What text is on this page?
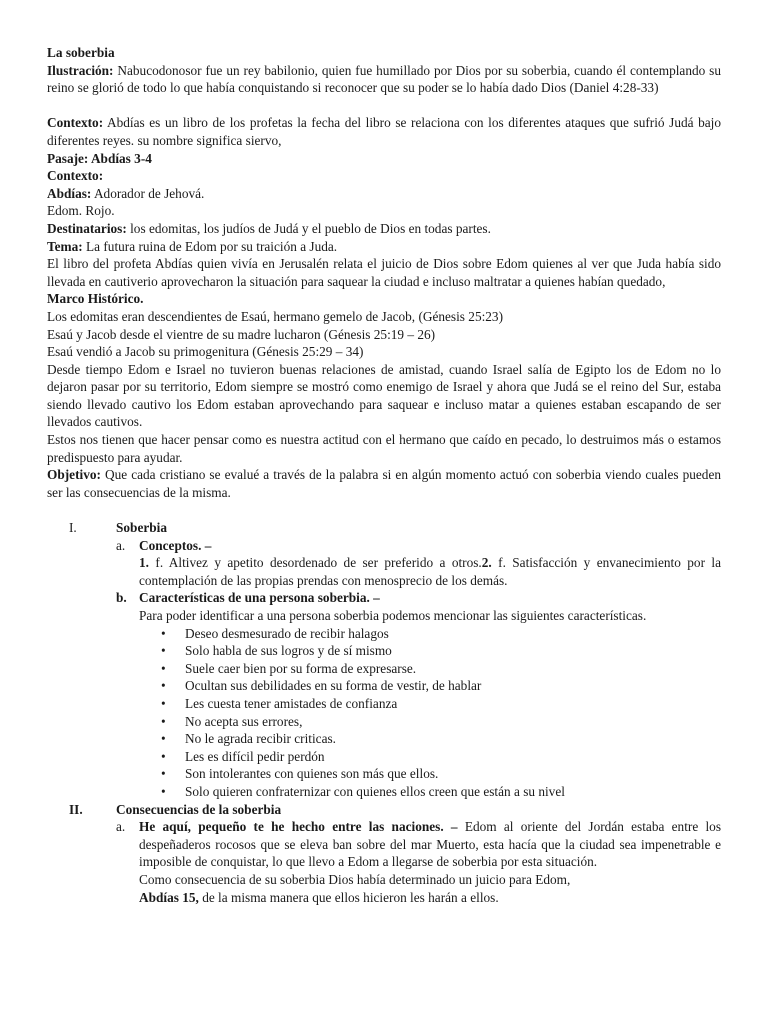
La soberbia

Ilustración: Nabucodonosor fue un rey babilonio, quien fue humillado por Dios por su soberbia, cuando él contemplando su reino se glorió de todo lo que había conquistando si reconocer que su poder se lo había dado Dios (Daniel 4:28-33)

Contexto: Abdías es un libro de los profetas la fecha del libro se relaciona con los diferentes ataques que sufrió Judá bajo diferentes reyes. su nombre significa siervo,

Pasaje: Abdías 3-4

Contexto:

Abdías: Adorador de Jehová.

Edom. Rojo.

Destinatarios: los edomitas, los judíos de Judá y el pueblo de Dios en todas partes.

Tema: La futura ruina de Edom por su traición a Juda.

El libro del profeta Abdías quien vivía en Jerusalén relata el juicio de Dios sobre Edom quienes al ver que Juda había sido llevada en cautiverio aprovecharon la situación para saquear la ciudad e incluso maltratar a quienes habían quedado,

Marco Histórico.

Los edomitas eran descendientes de Esaú, hermano gemelo de Jacob, (Génesis 25:23)

Esaú y Jacob desde el vientre de su madre lucharon (Génesis 25:19 – 26)

Esaú vendió a Jacob su primogenitura (Génesis 25:29 – 34)

Desde tiempo Edom e Israel no tuvieron buenas relaciones de amistad, cuando Israel salía de Egipto los de Edom no lo dejaron pasar por su territorio, Edom siempre se mostró como enemigo de Israel y ahora que Judá se el reino del Sur, estaba siendo llevado cautivo los Edom estaban aprovechando para saquear e incluso matar a quienes estaban escapando de ser llevados cautivos.

Estos nos tienen que hacer pensar como es nuestra actitud con el hermano que caído en pecado, lo destruimos más o estamos predispuesto para ayudar.

Objetivo: Que cada cristiano se evalué a través de la palabra si en algún momento actuó con soberbia viendo cuales pueden ser las consecuencias de la misma.

I.	Soberbia
a. Conceptos. –

1. f. Altivez y apetito desordenado de ser preferido a otros.2. f. Satisfacción y envanecimiento por la contemplación de las propias prendas con menosprecio de los demás.

b. Características de una persona soberbia. –

Para poder identificar a una persona soberbia podemos mencionar las siguientes características.

• Deseo desmesurado de recibir halagos
• Solo habla de sus logros y de sí mismo
• Suele caer bien por su forma de expresarse.
• Ocultan sus debilidades en su forma de vestir, de hablar
• Les cuesta tener amistades de confianza
• No acepta sus errores,
• No le agrada recibir criticas.
• Les es difícil pedir perdón
• Son intolerantes con quienes son más que ellos.
• Solo quieren confraternizar con quienes ellos creen que están a su nivel
II.	Consecuencias de la soberbia
a. He aquí, pequeño te he hecho entre las naciones. – Edom al oriente del Jordán estaba entre los despeñaderos rocosos que se eleva ban sobre del mar Muerto, esta hacía que la ciudad sea impenetrable e imposible de conquistar, lo que llevo a Edom a llegarse de soberbia por esta situación.

Como consecuencia de su soberbia Dios había determinado un juicio para Edom,

Abdías 15, de la misma manera que ellos hicieron les harán a ellos.
